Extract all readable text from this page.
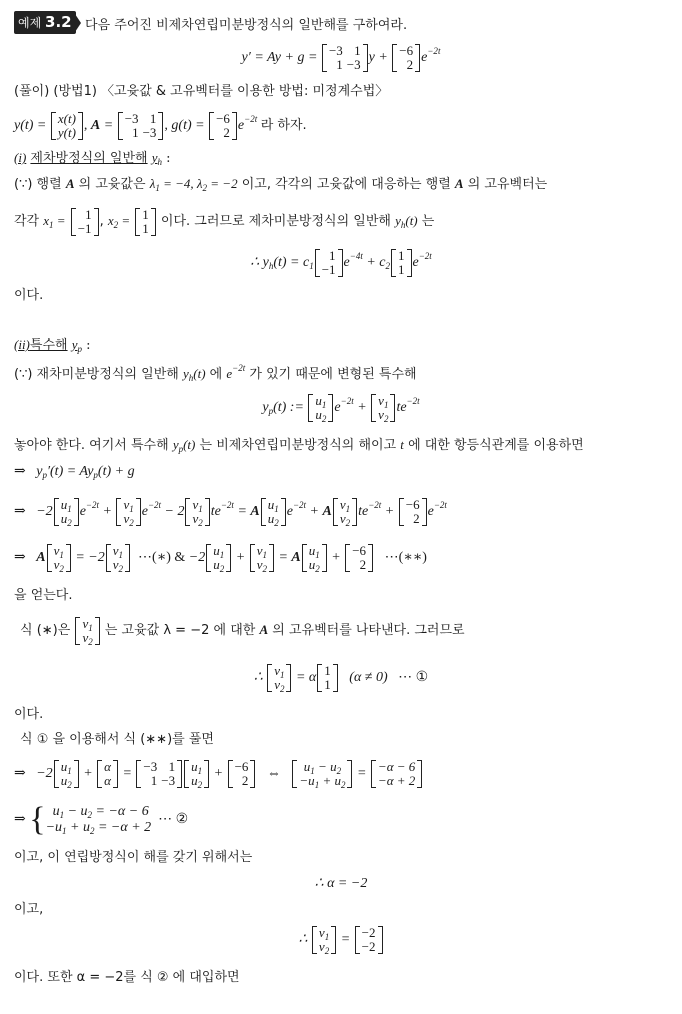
예제 3.2 다음 주어진 비제차연립미분방정식의 일반해를 구하여라.
y′ = Ay + g = −3	1
1	−3 y + −6
2 $e^{-2t}$
(풀이) (방법1) 〈고윳값 & 고유벡터를 이용한 방법: 미정계수법〉
y(t) = x(t)
y(t) , A = −3	1
1	−3 , g(t) = −6
2 $e^{-2t}$ 라 하자.
(i) 제차방정식의 일반해 $y_h$ :
(∵) 행렬 A 의 고윳값은 $\lambda_1 = -4$, $\lambda_2 = -2$ 이고, 각각의 고윳값에 대응하는 행렬 A 의 고유벡터는
각각 $x_1 = 1$
−1 , $x_2 = 1$
1 이다. 그러므로 제차미분방정식의 일반해 $y_h(t)$ 는
∴ $y_h(t) = c_1$
1
−1 $e^{-4t} + c_2$
1
1 $e^{-2t}$
이다.
(ii)특수해 $y_p$ :
(∵) 재차미분방정식의 일반해 $y_h(t)$ 에 $e^{-2t}$ 가 있기 때문에 변형된 특수해
$y_p(t)$ := $u_1$
$u_2$
$e^{-2t} + v_1$
$v_2$
$te^{-2t}$
놓아야 한다. 여기서 특수해 $y_p(t)$ 는 비제차연립미분방정식의 해이고 t 에 대한 항등식관계를 이용하면
⇒   $y_p'(t) = Ay_p(t) + g$
⇒   −2 $u_1$
$u_2$
$e^{-2t} + v_1$
$v_2$
$e^{-2t} - 2$ $v_1$
$v_2$
$te^{-2t} = A$ $u_1$
$u_2$
$e^{-2t} + A$ $v_1$
$v_2$
$te^{-2t} + -6$
2 $e^{-2t}$
⇒   A $v_1$
$v_2$
= −2 $v_1$
$v_2$
⋯(∗) & −2 $u_1$
$u_2$
+ $v_1$
$v_2$
= A $u_1$
$u_2$
+ −6
2 ⋯(∗∗)
을 얻는다.
식 (∗)은 $v_1$
$v_2$
는 고윳값 λ = −2 에 대한 A 의 고유벡터를 나타낸다. 그러므로
∴ $v_1$
$v_2$
= α 1
1 (α ≠ 0)   ⋯ ①
이다.
식 ① 을 이용해서 식 (∗∗)를 풀면
⇒   −2 $u_1$
$u_2$
+ α
α = −3	1
1	−3
$u_1$
$u_2$
+ −6
2 ⇔ $u_1 - u_2$
$-u_1 + u_2$
= −α − 6
−α + 2
⇒ {  $u_1 - u_2 = -\alpha - 6$
$-u_1 + u_2 = -\alpha + 2$  ⋯ ②
이고, 이 연립방정식이 해를 갖기 위해서는
∴ α = −2
이고,
∴ $v_1$
$v_2$
= −2
−2
이다. 또한 α = −2를 식 ② 에 대입하면
